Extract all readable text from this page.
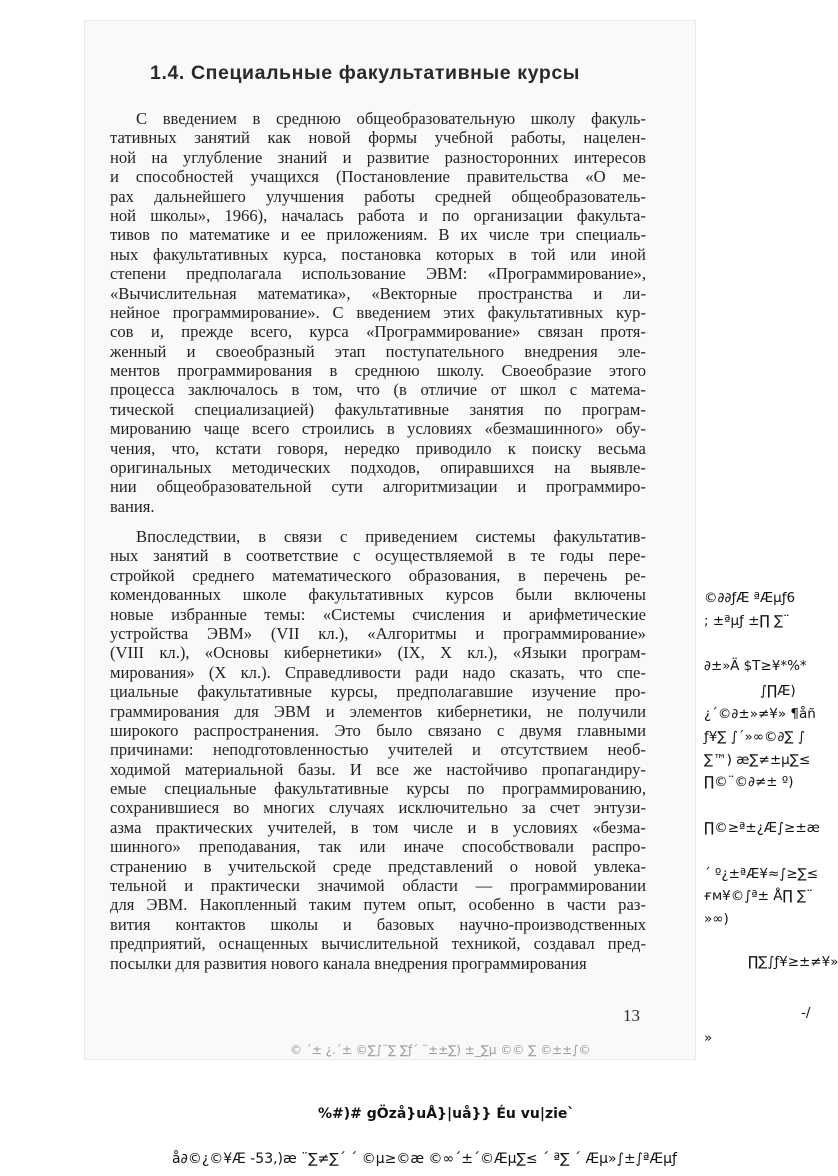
1.4. Специальные факультативные курсы
С введением в среднюю общеобразовательную школу факуль-
тативных занятий как новой формы учебной работы, нацелен-
ной на углубление знаний и развитие разносторонних интересов
и способностей учащихся (Постановление правительства «О ме-
рах дальнейшего улучшения работы средней общеобразователь-
ной школы», 1966), началась работа и по организации факульта-
тивов по математике и ее приложениям. В их числе три специаль-
ных факультативных курса, постановка которых в той или иной
степени предполагала использование ЭВМ: «Программирование»,
«Вычислительная математика», «Векторные пространства и ли-
нейное программирование». С введением этих факультативных кур-
сов и, прежде всего, курса «Программирование» связан протя-
женный и своеобразный этап поступательного внедрения эле-
ментов программирования в среднюю школу. Своеобразие этого
процесса заключалось в том, что (в отличие от школ с матема-
тической специализацией) факультативные занятия по програм-
мированию чаще всего строились в условиях «безмашинного» обу-
чения, что, кстати говоря, нередко приводило к поиску весьма
оригинальных методических подходов, опиравшихся на выявле-
нии общеобразовательной сути алгоритмизации и программиро-
вания.
Впоследствии, в связи с приведением системы факультатив-
ных занятий в соответствие с осуществляемой в те годы пере-
стройкой среднего математического образования, в перечень ре-
комендованных школе факультативных курсов были включены
новые избранные темы: «Системы счисления и арифметические
устройства ЭВМ» (VII кл.), «Алгоритмы и программирование»
(VIII кл.), «Основы кибернетики» (IX, X кл.), «Языки програм-
мирования» (X кл.). Справедливости ради надо сказать, что спе-
циальные факультативные курсы, предполагавшие изучение про-
граммирования для ЭВМ и элементов кибернетики, не получили
широкого распространения. Это было связано с двумя главными
причинами: неподготовленностью учителей и отсутствием необ-
ходимой материальной базы. И все же настойчиво пропагандиру-
емые специальные факультативные курсы по программированию,
сохранившиеся во многих случаях исключительно за счет энтузи-
азма практических учителей, в том числе и в условиях «безма-
шинного» преподавания, так или иначе способствовали распро-
странению в учительской среде представлений о новой увлека-
тельной и практически значимой области — программировании
для ЭВМ. Накопленный таким путем опыт, особенно в части раз-
вития контактов школы и базовых научно-производственных
предприятий, оснащенных вычислительной техникой, создавал пред-
посылки
для
развития
нового
канала
внедрения
программирования
13
©∂∂ƒÆ ªÆµƒ6
; ±ªµƒ ±∏ ∑¨
∂±»Ä $T≥¥*%*
∫∏Æ)
¿´©∂±»≠¥» ¶åñ
ƒ¥∑ ∫´»∞©∂∑ ∫
∑™) æ∑≠±µ∑≤
∏©¨©∂≠± º)
∏©≥ª±¿Æ∫≥±æ
´ º¿±ªÆ¥≈∫≥∑≤
ғм¥©∫ª± Å∏ ∑¨
»∞)
∏∑∫ƒ¥≥±≠¥»
-/
»
© ´± ¿.´± ©∑∫¨∑ ∑ƒ´ ¨±±∑) ±_∑µ ©© ∑ ©±±∫©
%#)# gÖzå}uÅ}|uå}} Éu vu|zie`
å∂©¿©¥Æ -53,)æ ¨∑≠∑´ ´ ©µ≥©æ ©∞´±´©Æµ∑≤ ´ ª∑ ´ Æµ»∫±∫ªÆµƒ
